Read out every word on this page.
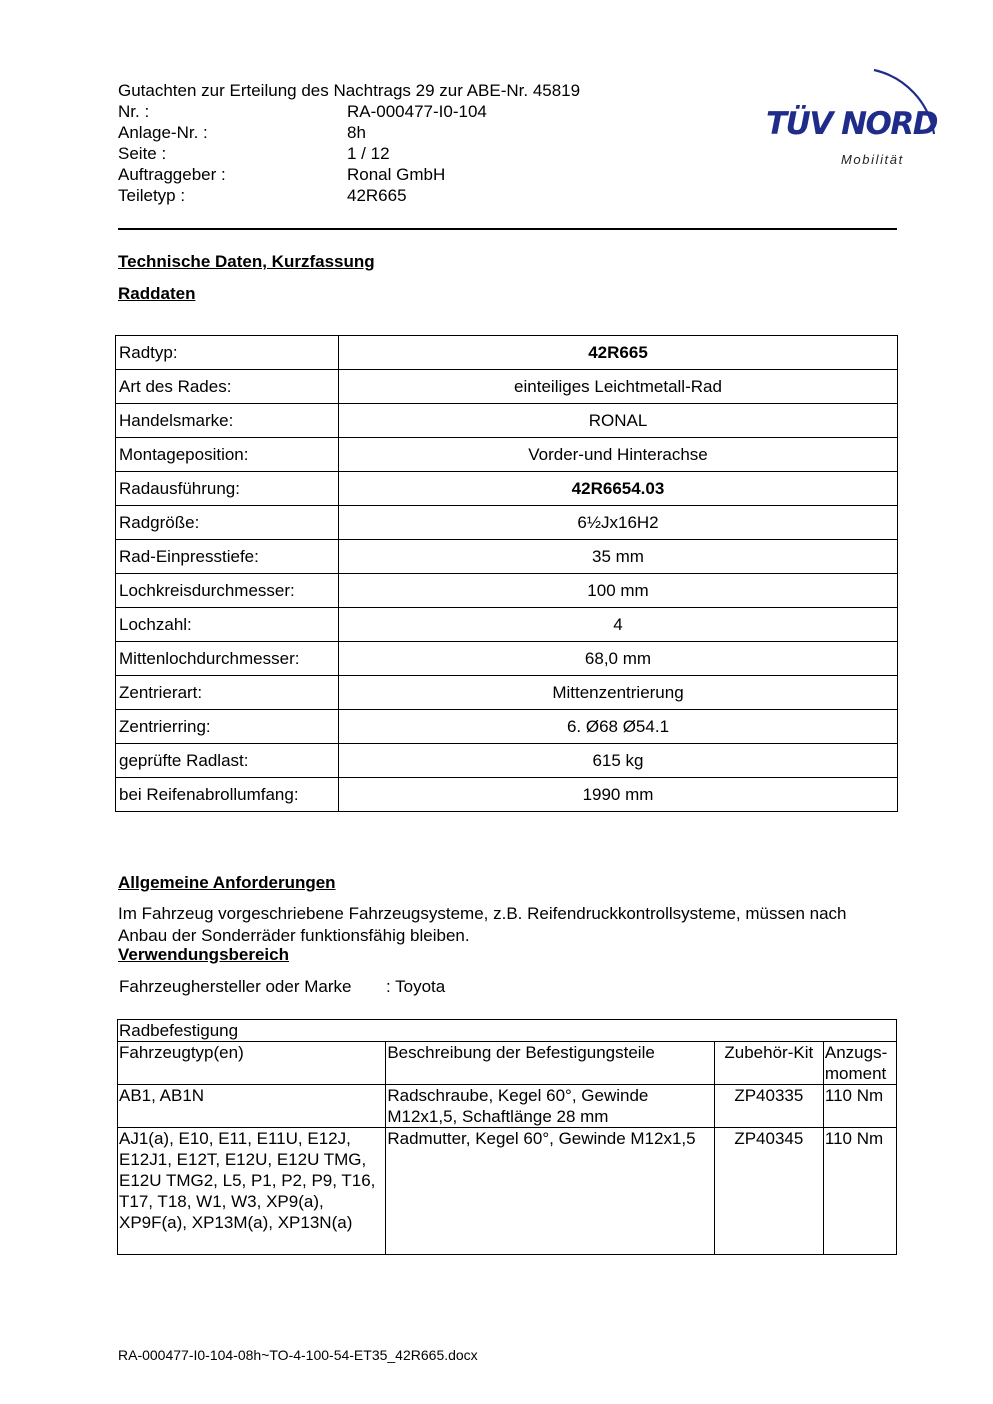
Gutachten zur Erteilung des Nachtrags 29 zur ABE-Nr. 45819
Nr. :	RA-000477-I0-104
Anlage-Nr. :	8h
Seite :	1 / 12
Auftraggeber :	Ronal GmbH
Teiletyp :	42R665
TÜV NORD
Mobilität
Technische Daten, Kurzfassung
Raddaten
Radtyp:	42R665
Art des Rades:	einteiliges Leichtmetall-Rad
Handelsmarke:	RONAL
Montageposition:	Vorder-und Hinterachse
Radausführung:	42R6654.03
Radgröße:	6½Jx16H2
Rad-Einpresstiefe:	35 mm
Lochkreisdurchmesser:	100 mm
Lochzahl:	4
Mittenlochdurchmesser:	68,0 mm
Zentrierart:	Mittenzentrierung
Zentrierring:	6. Ø68 Ø54.1
geprüfte Radlast:	615 kg
bei Reifenabrollumfang:	1990 mm
Allgemeine Anforderungen
Im Fahrzeug vorgeschriebene Fahrzeugsysteme, z.B. Reifendruckkontrollsysteme, müssen nach Anbau der Sonderräder funktionsfähig bleiben.
Verwendungsbereich
Fahrzeughersteller oder Marke	: Toyota
Radbefestigung			
Fahrzeugtyp(en)	Beschreibung der Befestigungsteile	Zubehör-Kit	Anzugs-moment
AB1, AB1N	Radschraube, Kegel 60°, Gewinde M12x1,5, Schaftlänge 28 mm	ZP40335	110 Nm
AJ1(a), E10, E11, E11U, E12J, E12J1, E12T, E12U, E12U TMG, E12U TMG2, L5, P1, P2, P9, T16, T17, T18, W1, W3, XP9(a), XP9F(a), XP13M(a), XP13N(a)	Radmutter, Kegel 60°, Gewinde M12x1,5	ZP40345	110 Nm
RA-000477-I0-104-08h~TO-4-100-54-ET35_42R665.docx
